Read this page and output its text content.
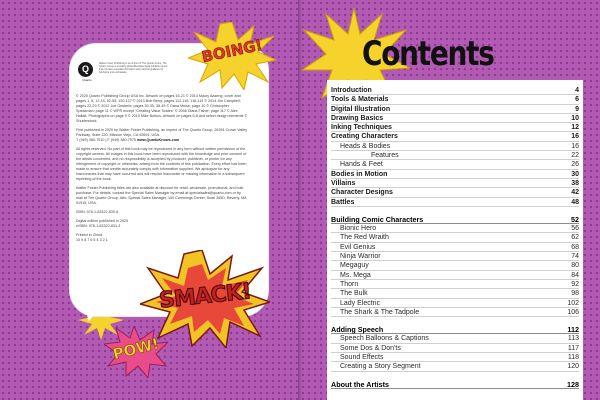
Q
Quarto
Walter Foster Publishing is an imprint of The Quarto Group. The Quarto Group is a leading global illustrated book publisher group that provides essential information and practical guidance for hobbyists and enthusiasts.

© 2020 Quarto Publishing Group USA Inc. Artwork on pages 16-21 © 2014 Maury Aaseng; cover and pages 1, 5, 12-15, 52-55, 120-127 © 2013 Bob Berry; pages 112-116, 118-119 © 2014 Jim Campbell; pages 22-29 © 2012 Joe Oesterle; pages 30-35, 38-49 © Dana Muise; page 10 © Christopher Speakman; page 11 © WPR except "Creating Value Scales" © 2006 Diana Fisher; page 117 © Alex Hallatt. Photographs on page 9 © 2010 Mike Butkus. Artwork on pages 6-8 and select design elements © Shutterstock.

First published in 2020 by Walter Foster Publishing, an imprint of The Quarto Group, 26391 Crown Valley Parkway, Suite 220, Mission Viejo, CA 92691, USA.
T (949) 380-7510 | F (949) 380-7575 www.QuartoKnows.com

All rights reserved. No part of this book may be reproduced in any form without written permission of the copyright owners. All images in this book have been reproduced with the knowledge and prior consent of the artists concerned, and no responsibility is accepted by producer, publisher, or printer for any infringement of copyright or otherwise, arising from the contents of this publication. Every effort has been made to ensure that credits accurately comply with information supplied. We apologize for any inaccuracies that may have occurred and will resolve inaccurate or missing information in a subsequent reprinting of the book.

Walter Foster Publishing titles are also available at discount for retail, wholesale, promotional, and bulk purchase. For details, contact the Special Sales Manager by email at specialsales@quarto.com or by mail at The Quarto Group, Attn: Special Sales Manager, 100 Cummings Center, Suite 265D, Beverly, MA 01915, USA.

ISBN: 978-1-63322-830-6

Digital edition published in 2020
eISBN: 978-1-63322-831-3

Printed in China
10 9 8 7 6 5 4 3 2 1

BOING!
SMACK!
POW!
Contents
Introduction	4
Tools & Materials	6
Digital Illustration	9
Drawing Basics	10
Inking Techniques	12
Creating Characters	16
Heads & Bodies	16
Features	22
Hands & Feet	26
Bodies in Motion	30
Villains	38
Character Designs	42
Battles	48
Building Comic Characters	52
Bionic Hero	56
The Red Wraith	62
Evil Genius	68
Ninja Warrior	74
Megaguy	80
Ms. Mega	84
Thorn	92
The Bulk	98
Lady Electric	102
The Shark & The Tadpole	106
Adding Speech	112
Speech Balloons & Captions	113
Some Dos & Don'ts	117
Sound Effects	118
Creating a Story Segment	120
About the Artists	128
